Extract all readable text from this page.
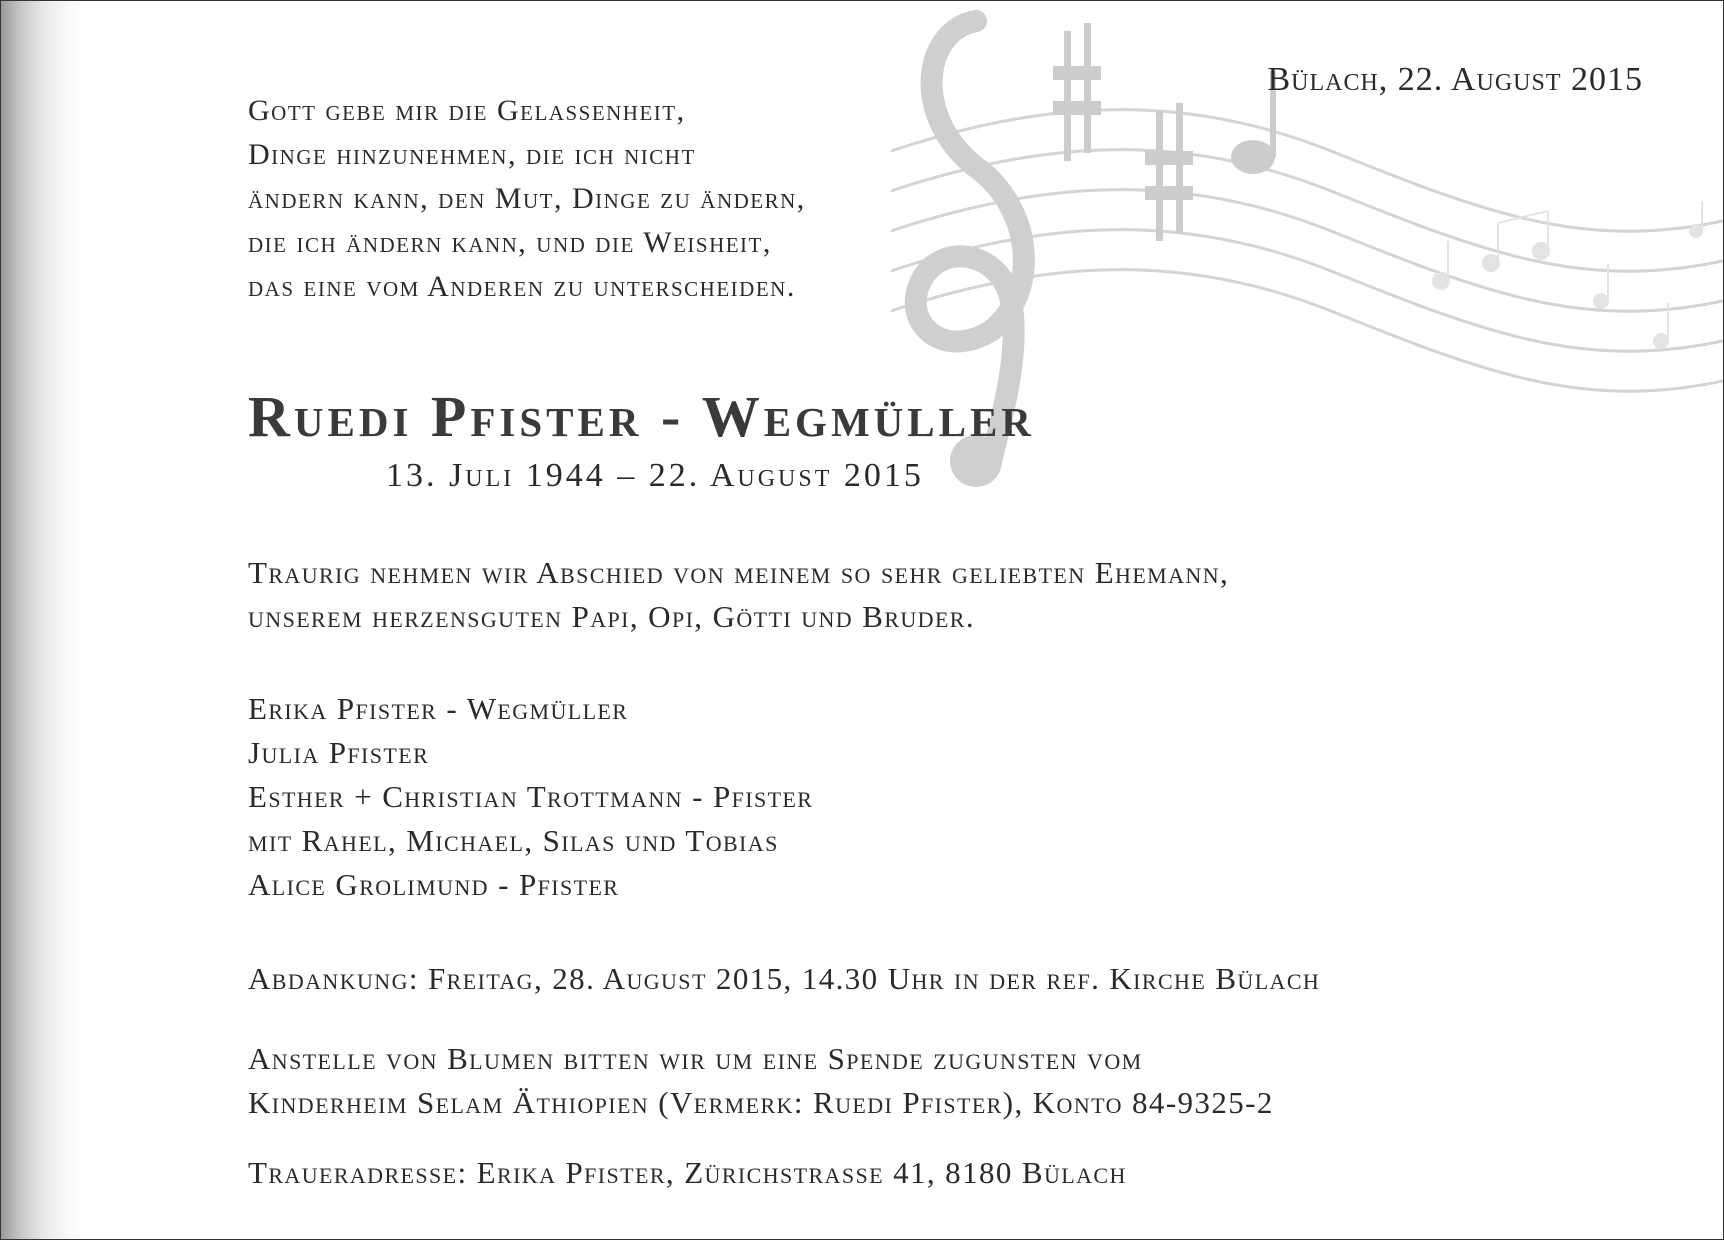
Bülach, 22. August 2015
Gott gebe mir die Gelassenheit,
Dinge hinzunehmen, die ich nicht
ändern kann, den Mut, Dinge zu ändern,
die ich ändern kann, und die Weisheit,
das eine vom Anderen zu unterscheiden.
Ruedi Pfister - Wegmüller
13. Juli 1944 – 22. August 2015
Traurig nehmen wir Abschied von meinem so sehr geliebten Ehemann,
unserem herzensguten Papi, Opi, Götti und Bruder.
Erika Pfister - Wegmüller
Julia Pfister
Esther + Christian Trottmann - Pfister
mit Rahel, Michael, Silas und Tobias
Alice Grolimund - Pfister
Abdankung: Freitag, 28. August 2015, 14.30 Uhr in der ref. Kirche Bülach
Anstelle von Blumen bitten wir um eine Spende zugunsten vom
Kinderheim Selam Äthiopien (Vermerk: Ruedi Pfister), Konto 84-9325-2
Traueradresse: Erika Pfister, Zürichstrasse 41, 8180 Bülach
